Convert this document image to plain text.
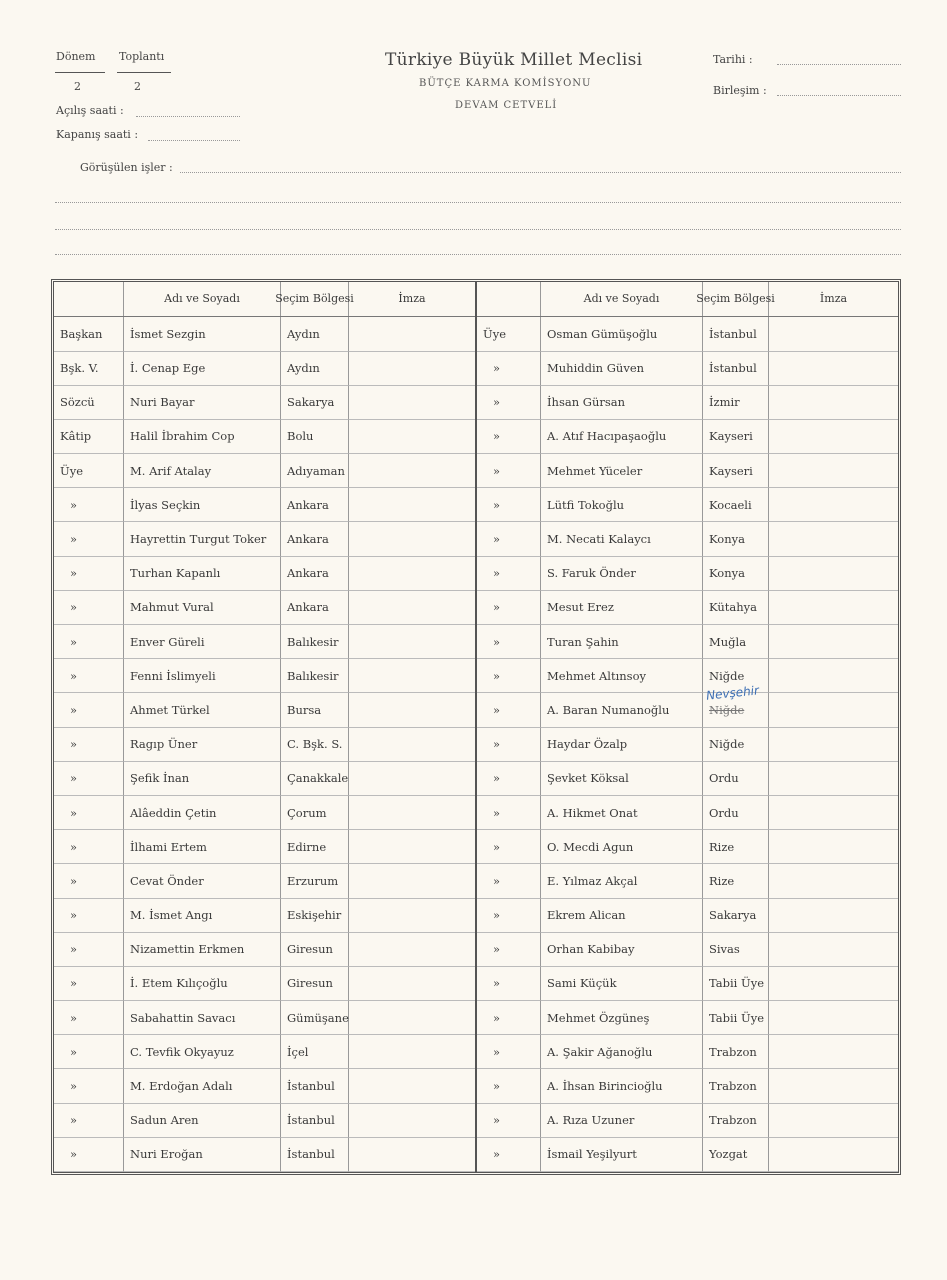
Dönem Toplantı
2	2
Açılış saati :
Kapanış saati :
Türkiye Büyük Millet Meclisi
BÜTÇE KARMA KOMİSYONU
DEVAM CETVELİ
Tarihi :
Birleşim :
Görüşülen işler :
Adı ve Soyadı	Seçim Bölgesi	İmza
Başkan	İsmet Sezgin	Aydın
Bşk. V.	İ. Cenap Ege	Aydın
Sözcü	Nuri Bayar	Sakarya
Kâtip	Halil İbrahim Cop	Bolu
Üye	M. Arif Atalay	Adıyaman
»	İlyas Seçkin	Ankara
»	Hayrettin Turgut Toker	Ankara
»	Turhan Kapanlı	Ankara
»	Mahmut Vural	Ankara
»	Enver Güreli	Balıkesir
»	Fenni İslimyeli	Balıkesir
»	Ahmet Türkel	Bursa
»	Ragıp Üner	C. Bşk. S.
»	Şefik İnan	Çanakkale
»	Alâeddin Çetin	Çorum
»	İlhami Ertem	Edirne
»	Cevat Önder	Erzurum
»	M. İsmet Angı	Eskişehir
»	Nizamettin Erkmen	Giresun
»	İ. Etem Kılıçoğlu	Giresun
»	Sabahattin Savacı	Gümüşane
»	C. Tevfik Okyayuz	İçel
»	M. Erdoğan Adalı	İstanbul
»	Sadun Aren	İstanbul
»	Nuri Eroğan	İstanbul
Adı ve Soyadı	Seçim Bölgesi	İmza
Üye	Osman Gümüşoğlu	İstanbul
»	Muhiddin Güven	İstanbul
»	İhsan Gürsan	İzmir
»	A. Atıf Hacıpaşaoğlu	Kayseri
»	Mehmet Yüceler	Kayseri
»	Lütfi Tokoğlu	Kocaeli
»	M. Necati Kalaycı	Konya
»	S. Faruk Önder	Konya
»	Mesut Erez	Kütahya
»	Turan Şahin	Muğla
»	Mehmet Altınsoy	Niğde
»	A. Baran Numanoğlu	Niğde
»	Haydar Özalp	Niğde
»	Şevket Köksal	Ordu
»	A. Hikmet Onat	Ordu
»	O. Mecdi Agun	Rize
»	E. Yılmaz Akçal	Rize
»	Ekrem Alican	Sakarya
»	Orhan Kabibay	Sivas
»	Sami Küçük	Tabii Üye
»	Mehmet Özgüneş	Tabii Üye
»	A. Şakir Ağanoğlu	Trabzon
»	A. İhsan Birincioğlu	Trabzon
»	A. Rıza Uzuner	Trabzon
»	İsmail Yeşilyurt	Yozgat
Nevşehir
